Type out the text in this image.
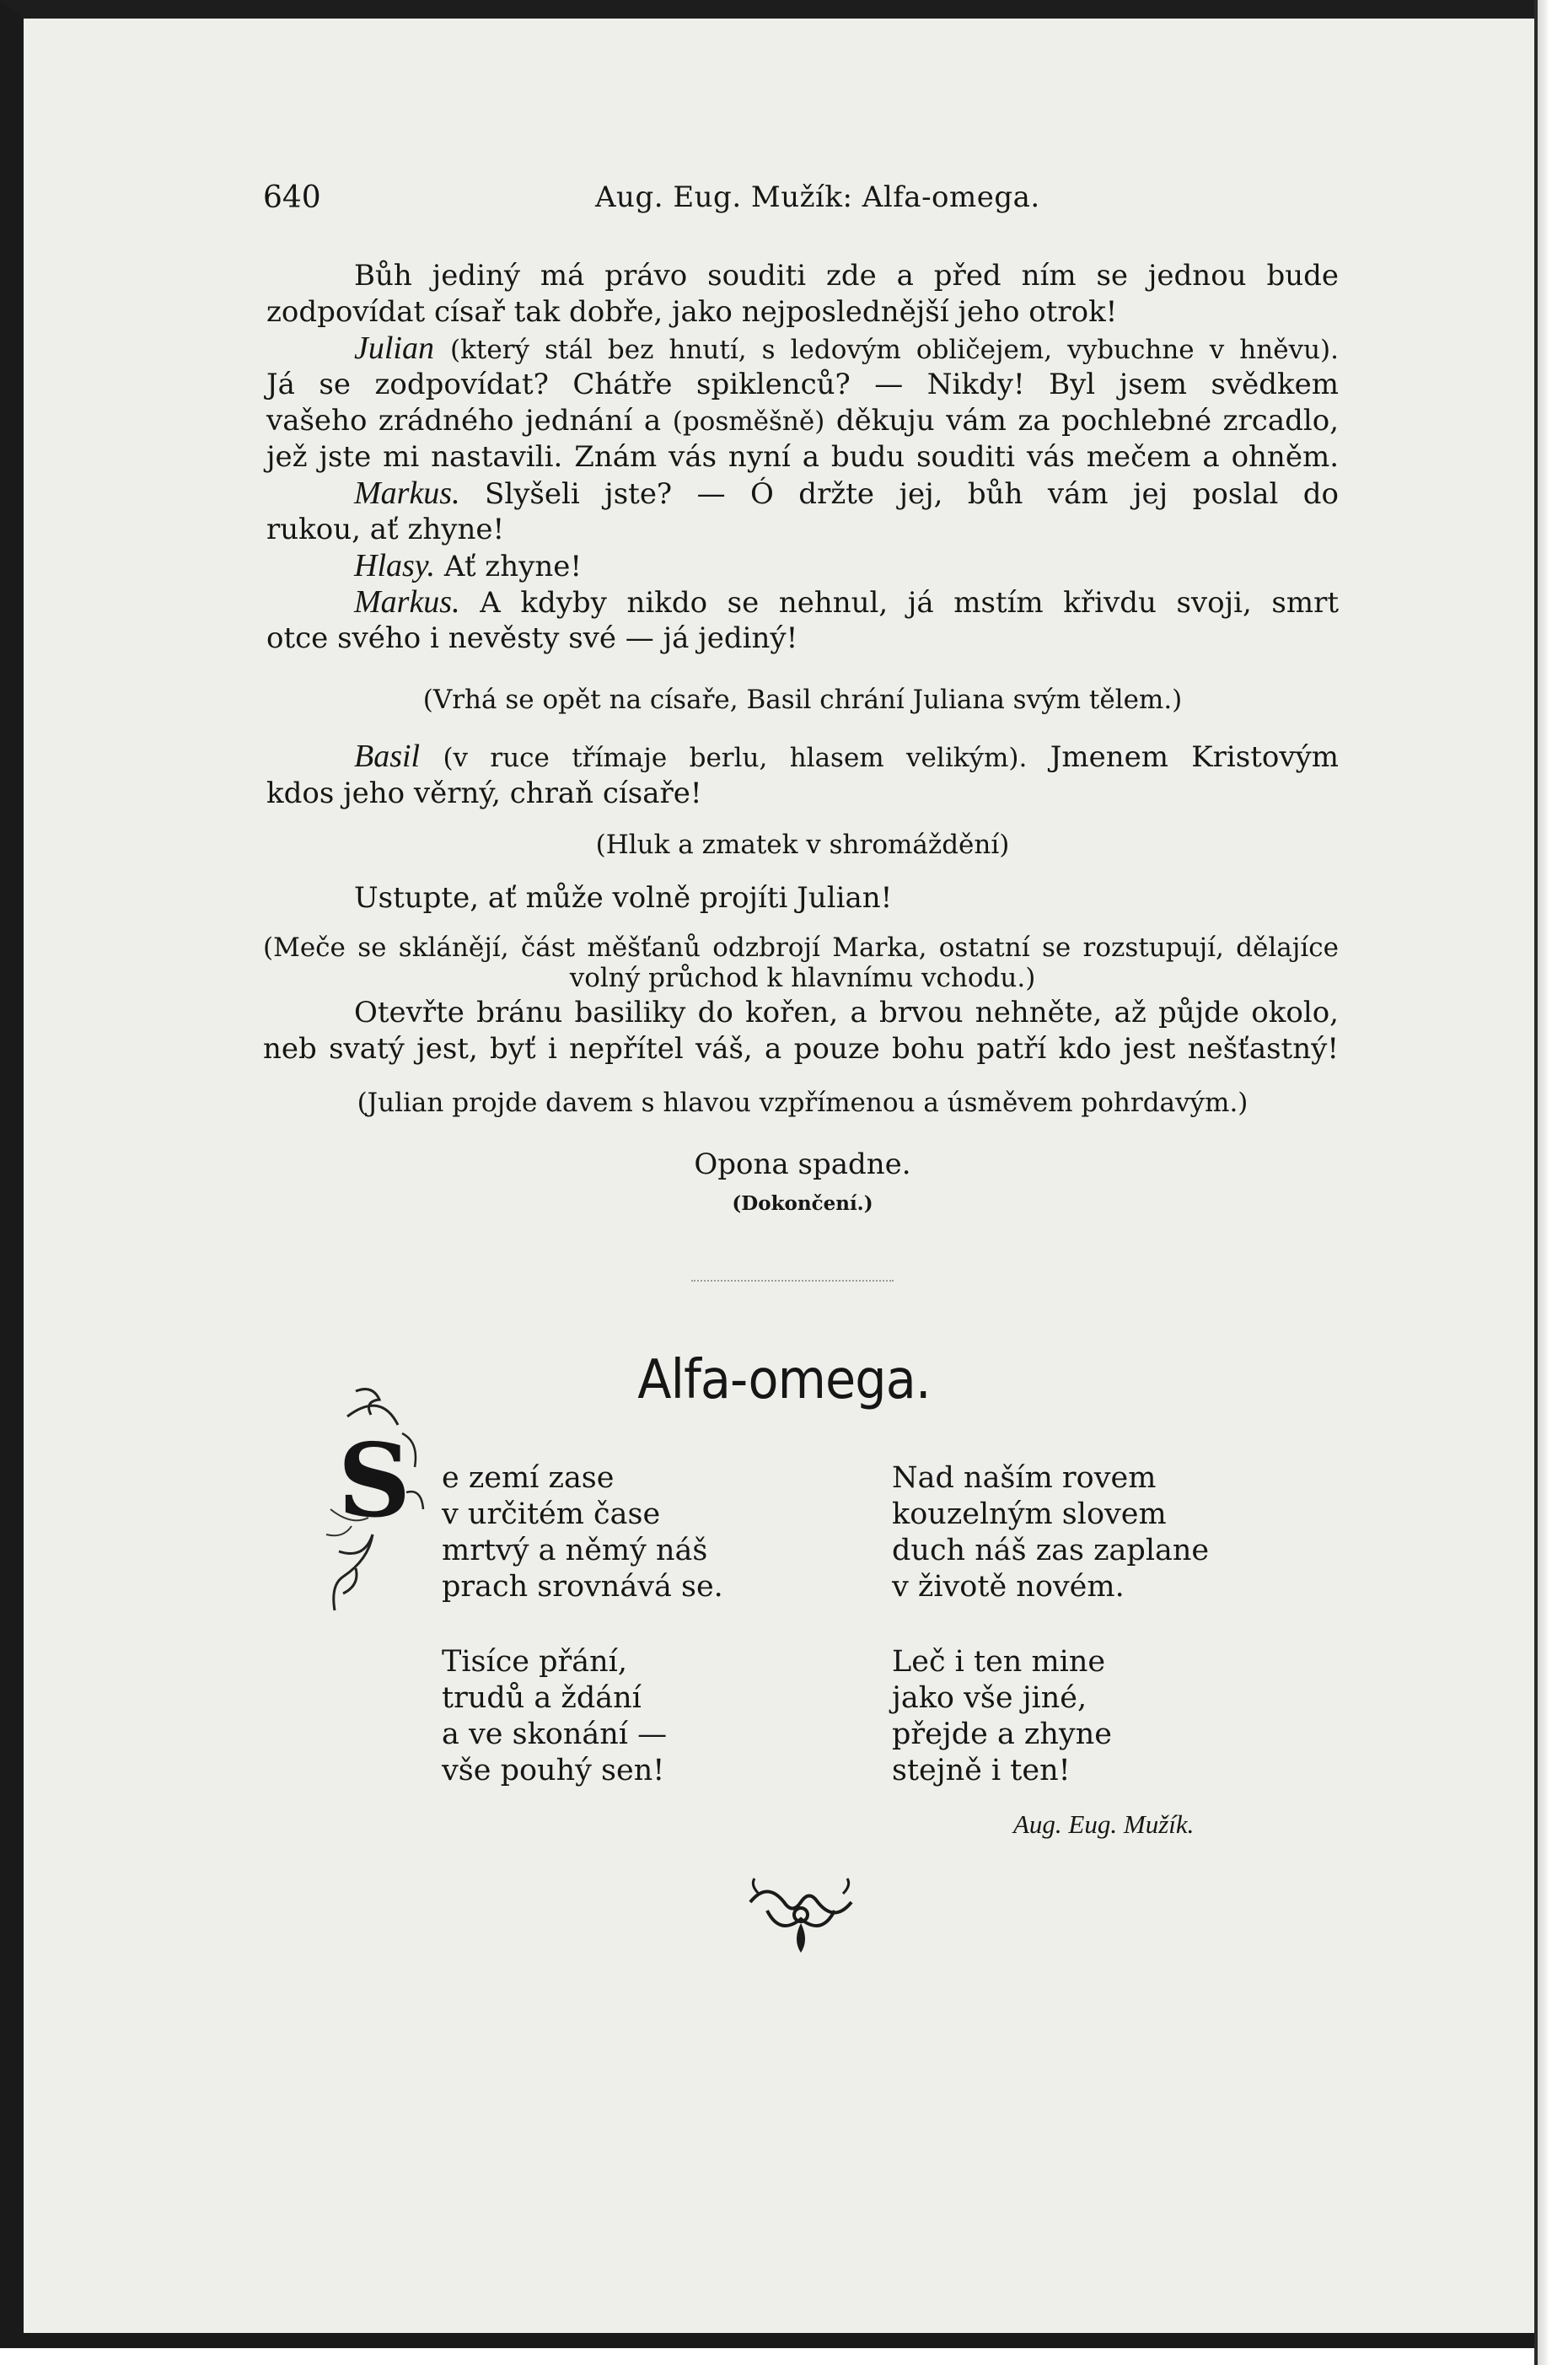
640	Aug. Eug. Mužík: Alfa-omega.
Bůh jediný má právo souditi zde a před ním se jednou bude
zodpovídat císař tak dobře, jako nejposlednější jeho otrok!
Julian (který stál bez hnutí, s ledovým obličejem, vybuchne v hněvu).
Já se zodpovídat? Chátře spiklenců? — Nikdy! Byl jsem svědkem
vašeho zrádného jednání a (posměšně) děkuju vám za pochlebné zrcadlo,
jež jste mi nastavili. Znám vás nyní a budu souditi vás mečem a ohněm.
Markus. Slyšeli jste? — Ó držte jej, bůh vám jej poslal do
rukou, ať zhyne!
Hlasy. Ať zhyne!
Markus. A kdyby nikdo se nehnul, já mstím křivdu svoji, smrt
otce svého i nevěsty své — já jediný!
(Vrhá se opět na císaře, Basil chrání Juliana svým tělem.)
Basil (v ruce třímaje berlu, hlasem velikým). Jmenem Kristovým
kdos jeho věrný, chraň císaře!
(Hluk a zmatek v shromáždění)
Ustupte, ať může volně projíti Julian!
(Meče se sklánějí, část měšťanů odzbrojí Marka, ostatní se rozstupují, dělajíce
volný průchod k hlavnímu vchodu.)
Otevřte bránu basiliky do kořen, a brvou nehněte, až půjde okolo,
neb svatý jest, byť i nepřítel váš, a pouze bohu patří kdo jest nešťastný!
(Julian projde davem s hlavou vzpřímenou a úsměvem pohrdavým.)
Opona spadne.
(Dokončení.)
Alfa-omega.
S e zemí zase
v určitém čase
mrtvý a němý náš
prach srovnává se.
Tisíce přání,
trudů a ždání
a ve skonání —
vše pouhý sen!
Nad naším rovem
kouzelným slovem
duch náš zas zaplane
v životě novém.
Leč i ten mine
jako vše jiné,
přejde a zhyne
stejně i ten!
Aug. Eug. Mužík.
